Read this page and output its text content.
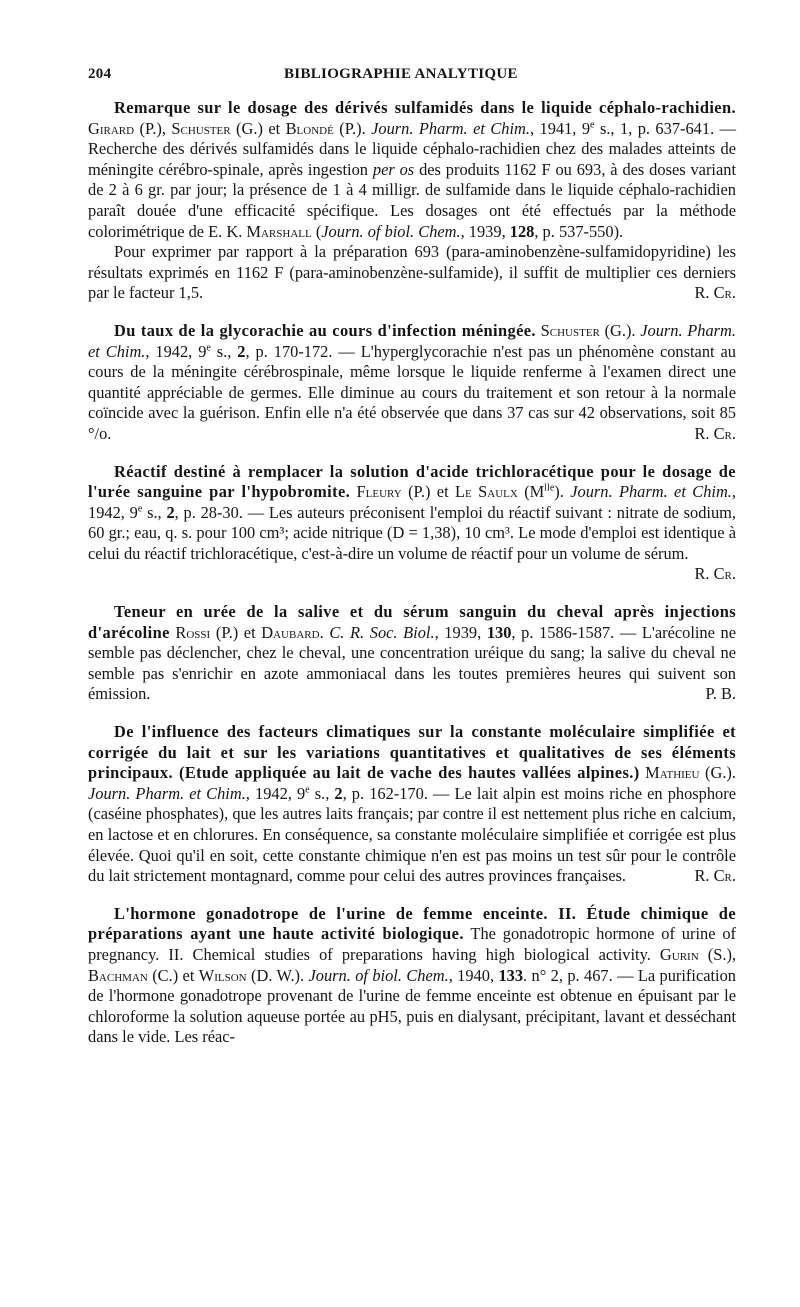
204	BIBLIOGRAPHIE ANALYTIQUE
Remarque sur le dosage des dérivés sulfamidés dans le liquide céphalo-rachidien. Girard (P.), Schuster (G.) et Blondé (P.). Journ. Pharm. et Chim., 1941, 9e s., 1, p. 637-641. — Recherche des dérivés sulfamidés dans le liquide céphalo-rachidien chez des malades atteints de méningite cérébro-spinale, après ingestion per os des produits 1162 F ou 693, à des doses variant de 2 à 6 gr. par jour; la présence de 1 à 4 milligr. de sulfamide dans le liquide céphalo-rachidien paraît douée d'une efficacité spécifique. Les dosages ont été effectués par la méthode colorimétrique de E. K. Marshall (Journ. of biol. Chem., 1939, 128, p. 537-550).

Pour exprimer par rapport à la préparation 693 (para-aminobenzène-sulfamidopyridine) les résultats exprimés en 1162 F (para-aminobenzène-sulfamide), il suffit de multiplier ces derniers par le facteur 1,5.	R. Cr.

Du taux de la glycorachie au cours d'infection méningée. Schuster (G.). Journ. Pharm. et Chim., 1942, 9e s., 2, p. 170-172. — L'hyperglycorachie n'est pas un phénomène constant au cours de la méningite cérébrospinale, même lorsque le liquide renferme à l'examen direct une quantité appréciable de germes. Elle diminue au cours du traitement et son retour à la normale coïncide avec la guérison. Enfin elle n'a été observée que dans 37 cas sur 42 observations, soit 85 °/o.	R. Cr.
Réactif destiné à remplacer la solution d'acide trichloracétique pour le dosage de l'urée sanguine par l'hypobromite. Fleury (P.) et Le Saulx $(M^{lle})$. Journ. Pharm. et Chim., 1942, 9e s., 2, p. 28-30. — Les auteurs préconisent l'emploi du réactif suivant : nitrate de sodium, 60 gr.; eau, q. s. pour 100 cm³; acide nitrique (D = 1,38), 10 cm³. Le mode d'emploi est identique à celui du réactif trichloracétique, c'est-à-dire un volume de réactif pour un volume de sérum.
R. Cr.
Teneur en urée de la salive et du sérum sanguin du cheval après injections d'arécoline Rossi (P.) et Daubard. C. R. Soc. Biol., 1939, 130, p. 1586-1587. — L'arécoline ne semble pas déclencher, chez le cheval, une concentration uréique du sang; la salive du cheval ne semble pas s'enrichir en azote ammoniacal dans les toutes premières heures qui suivent son émission.	P. B.
De l'influence des facteurs climatiques sur la constante moléculaire simplifiée et corrigée du lait et sur les variations quantitatives et qualitatives de ses éléments principaux. (Etude appliquée au lait de vache des hautes vallées alpines.) Mathieu (G.). Journ. Pharm. et Chim., 1942, 9e s., 2, p. 162-170. — Le lait alpin est moins riche en phosphore (caséine phosphates), que les autres laits français; par contre il est nettement plus riche en calcium, en lactose et en chlorures. En conséquence, sa constante moléculaire simplifiée et corrigée est plus élevée. Quoi qu'il en soit, cette constante chimique n'en est pas moins un test sûr pour le contrôle du lait strictement montagnard, comme pour celui des autres provinces françaises.	R. Cr.
L'hormone gonadotrope de l'urine de femme enceinte. II. Étude chimique de préparations ayant une haute activité biologique. The gonadotropic hormone of urine of pregnancy. II. Chemical studies of preparations having high biological activity. Gurin (S.), Bachman (C.) et Wilson (D. W.). Journ. of biol. Chem., 1940, 133. n° 2, p. 467. — La purification de l'hormone gonadotrope provenant de l'urine de femme enceinte est obtenue en épuisant par le chloroforme la solution aqueuse portée au pH5, puis en dialysant, précipitant, lavant et desséchant dans le vide. Les réac-
